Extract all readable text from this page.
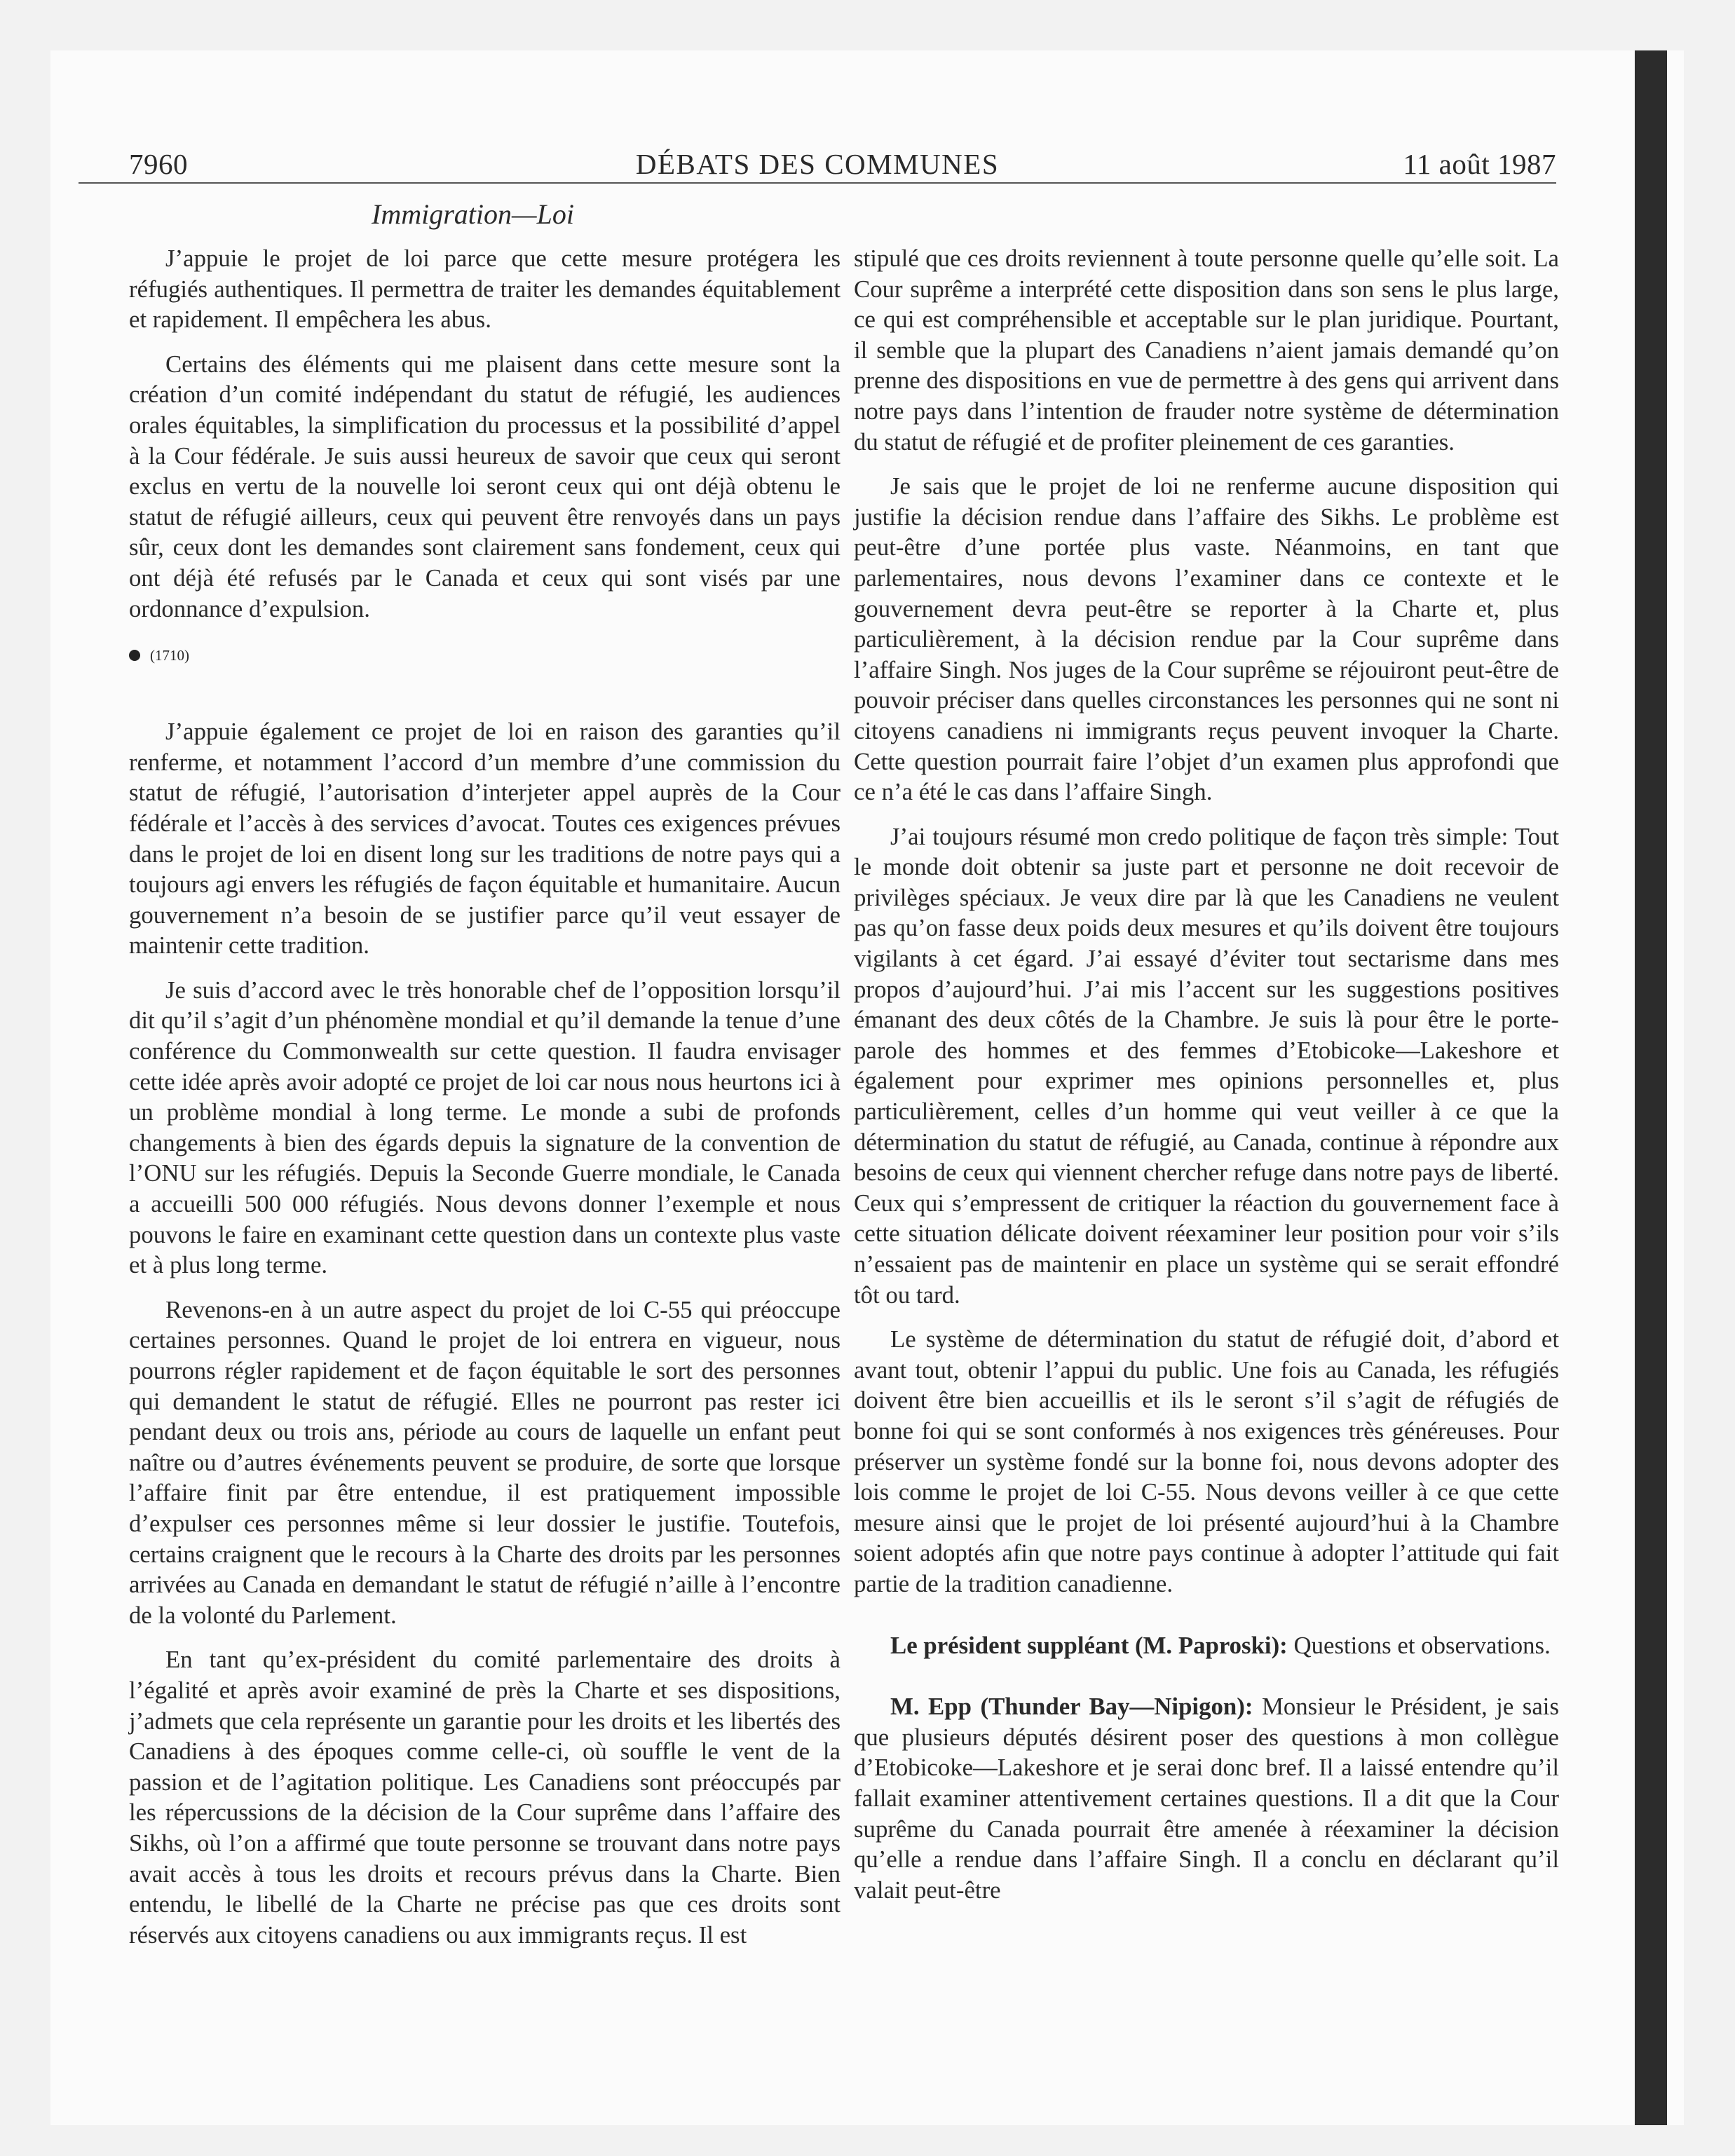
7960	DÉBATS DES COMMUNES	11 août 1987
Immigration—Loi

J’appuie le projet de loi parce que cette mesure protégera les réfugiés authentiques. Il permettra de traiter les demandes équitablement et rapidement. Il empêchera les abus.

Certains des éléments qui me plaisent dans cette mesure sont la création d’un comité indépendant du statut de réfugié, les audiences orales équitables, la simplification du processus et la possibilité d’appel à la Cour fédérale. Je suis aussi heureux de savoir que ceux qui seront exclus en vertu de la nouvelle loi seront ceux qui ont déjà obtenu le statut de réfugié ailleurs, ceux qui peuvent être renvoyés dans un pays sûr, ceux dont les demandes sont clairement sans fondement, ceux qui ont déjà été refusés par le Canada et ceux qui sont visés par une ordonnance d’expulsion.

(1710)

J’appuie également ce projet de loi en raison des garanties qu’il renferme, et notamment l’accord d’un membre d’une commission du statut de réfugié, l’autorisation d’interjeter appel auprès de la Cour fédérale et l’accès à des services d’avocat. Toutes ces exigences prévues dans le projet de loi en disent long sur les traditions de notre pays qui a toujours agi envers les réfugiés de façon équitable et humanitaire. Aucun gouvernement n’a besoin de se justifier parce qu’il veut essayer de maintenir cette tradition.

Je suis d’accord avec le très honorable chef de l’opposition lorsqu’il dit qu’il s’agit d’un phénomène mondial et qu’il demande la tenue d’une conférence du Commonwealth sur cette question. Il faudra envisager cette idée après avoir adopté ce projet de loi car nous nous heurtons ici à un problème mondial à long terme. Le monde a subi de profonds changements à bien des égards depuis la signature de la convention de l’ONU sur les réfugiés. Depuis la Seconde Guerre mondiale, le Canada a accueilli 500 000 réfugiés. Nous devons donner l’exemple et nous pouvons le faire en examinant cette question dans un contexte plus vaste et à plus long terme.

Revenons-en à un autre aspect du projet de loi C-55 qui préoccupe certaines personnes. Quand le projet de loi entrera en vigueur, nous pourrons régler rapidement et de façon équitable le sort des personnes qui demandent le statut de réfugié. Elles ne pourront pas rester ici pendant deux ou trois ans, période au cours de laquelle un enfant peut naître ou d’autres événements peuvent se produire, de sorte que lorsque l’affaire finit par être entendue, il est pratiquement impossible d’expulser ces personnes même si leur dossier le justifie. Toutefois, certains craignent que le recours à la Charte des droits par les personnes arrivées au Canada en demandant le statut de réfugié n’aille à l’encontre de la volonté du Parlement.

En tant qu’ex-président du comité parlementaire des droits à l’égalité et après avoir examiné de près la Charte et ses dispositions, j’admets que cela représente un garantie pour les droits et les libertés des Canadiens à des époques comme celle-ci, où souffle le vent de la passion et de l’agitation politique. Les Canadiens sont préoccupés par les répercussions de la décision de la Cour suprême dans l’affaire des Sikhs, où l’on a affirmé que toute personne se trouvant dans notre pays avait accès à tous les droits et recours prévus dans la Charte. Bien entendu, le libellé de la Charte ne précise pas que ces droits sont réservés aux citoyens canadiens ou aux immigrants reçus. Il est

stipulé que ces droits reviennent à toute personne quelle qu’elle soit. La Cour suprême a interprété cette disposition dans son sens le plus large, ce qui est compréhensible et acceptable sur le plan juridique. Pourtant, il semble que la plupart des Canadiens n’aient jamais demandé qu’on prenne des dispositions en vue de permettre à des gens qui arrivent dans notre pays dans l’intention de frauder notre système de détermination du statut de réfugié et de profiter pleinement de ces garanties.

Je sais que le projet de loi ne renferme aucune disposition qui justifie la décision rendue dans l’affaire des Sikhs. Le problème est peut-être d’une portée plus vaste. Néanmoins, en tant que parlementaires, nous devons l’examiner dans ce contexte et le gouvernement devra peut-être se reporter à la Charte et, plus particulièrement, à la décision rendue par la Cour suprême dans l’affaire Singh. Nos juges de la Cour suprême se réjouiront peut-être de pouvoir préciser dans quelles circonstances les personnes qui ne sont ni citoyens canadiens ni immigrants reçus peuvent invoquer la Charte. Cette question pourrait faire l’objet d’un examen plus approfondi que ce n’a été le cas dans l’affaire Singh.

J’ai toujours résumé mon credo politique de façon très simple: Tout le monde doit obtenir sa juste part et personne ne doit recevoir de privilèges spéciaux. Je veux dire par là que les Canadiens ne veulent pas qu’on fasse deux poids deux mesures et qu’ils doivent être toujours vigilants à cet égard. J’ai essayé d’éviter tout sectarisme dans mes propos d’aujourd’hui. J’ai mis l’accent sur les suggestions positives émanant des deux côtés de la Chambre. Je suis là pour être le porte-parole des hommes et des femmes d’Etobicoke—Lakeshore et également pour exprimer mes opinions personnelles et, plus particulièrement, celles d’un homme qui veut veiller à ce que la détermination du statut de réfugié, au Canada, continue à répondre aux besoins de ceux qui viennent chercher refuge dans notre pays de liberté. Ceux qui s’empressent de critiquer la réaction du gouvernement face à cette situation délicate doivent réexaminer leur position pour voir s’ils n’essaient pas de maintenir en place un système qui se serait effondré tôt ou tard.

Le système de détermination du statut de réfugié doit, d’abord et avant tout, obtenir l’appui du public. Une fois au Canada, les réfugiés doivent être bien accueillis et ils le seront s’il s’agit de réfugiés de bonne foi qui se sont conformés à nos exigences très généreuses. Pour préserver un système fondé sur la bonne foi, nous devons adopter des lois comme le projet de loi C-55. Nous devons veiller à ce que cette mesure ainsi que le projet de loi présenté aujourd’hui à la Chambre soient adoptés afin que notre pays continue à adopter l’attitude qui fait partie de la tradition canadienne.

Le président suppléant (M. Paproski): Questions et observations.

M. Epp (Thunder Bay—Nipigon): Monsieur le Président, je sais que plusieurs députés désirent poser des questions à mon collègue d’Etobicoke—Lakeshore et je serai donc bref. Il a laissé entendre qu’il fallait examiner attentivement certaines questions. Il a dit que la Cour suprême du Canada pourrait être amenée à réexaminer la décision qu’elle a rendue dans l’affaire Singh. Il a conclu en déclarant qu’il valait peut-être
